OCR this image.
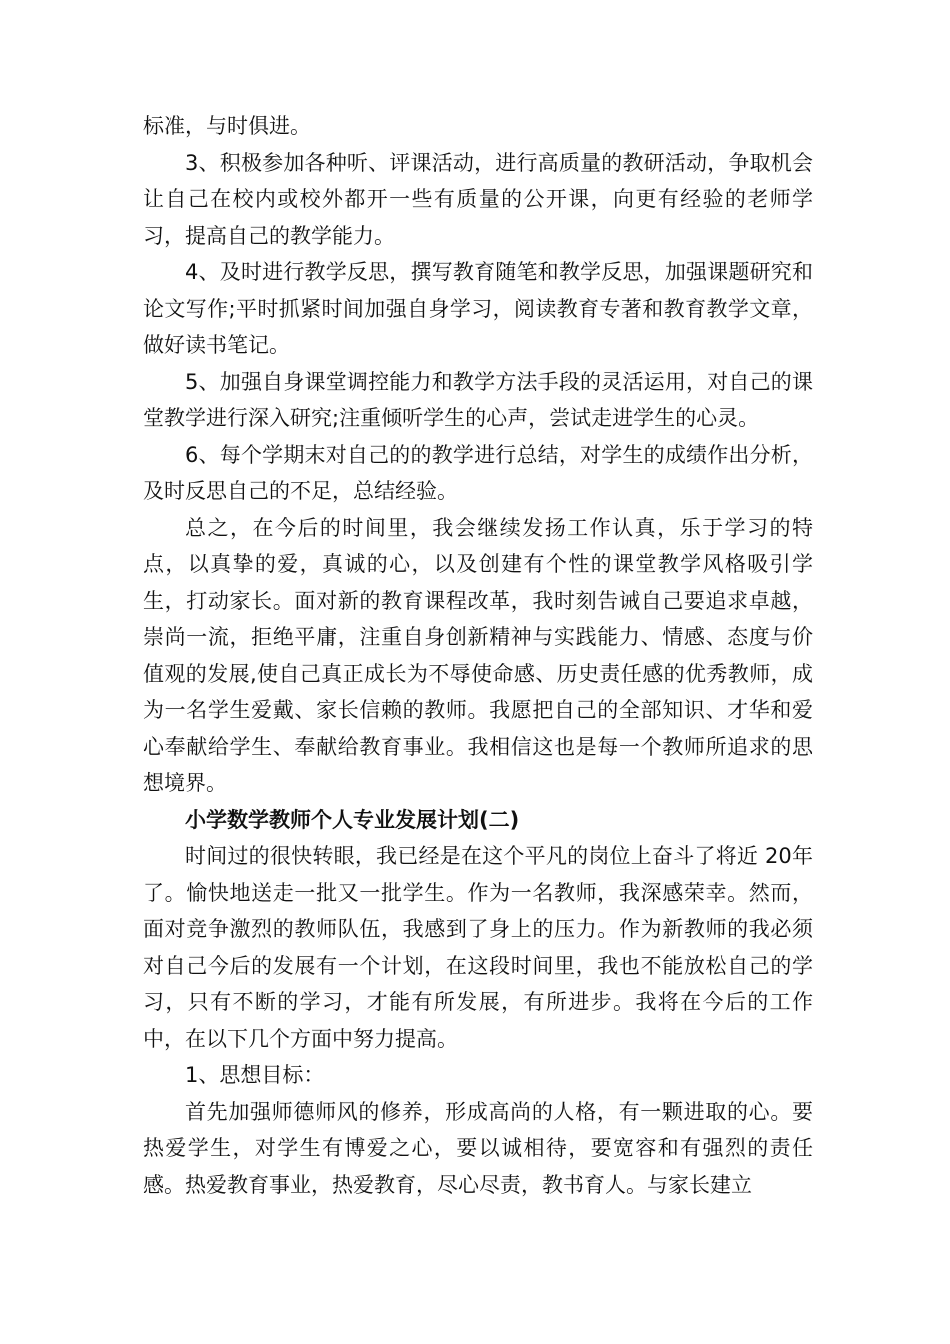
标准，与时俱进。

3、积极参加各种听、评课活动，进行高质量的教研活动，争取机会让自己在校内或校外都开一些有质量的公开课，向更有经验的老师学习，提高自己的教学能力。

4、及时进行教学反思，撰写教育随笔和教学反思，加强课题研究和论文写作;平时抓紧时间加强自身学习，阅读教育专著和教育教学文章，做好读书笔记。

5、加强自身课堂调控能力和教学方法手段的灵活运用，对自己的课堂教学进行深入研究;注重倾听学生的心声，尝试走进学生的心灵。

6、每个学期末对自己的的教学进行总结，对学生的成绩作出分析，及时反思自己的不足，总结经验。

总之，在今后的时间里，我会继续发扬工作认真，乐于学习的特点，以真挚的爱，真诚的心，以及创建有个性的课堂教学风格吸引学生，打动家长。面对新的教育课程改革，我时刻告诫自己要追求卓越，崇尚一流，拒绝平庸，注重自身创新精神与实践能力、情感、态度与价值观的发展,使自己真正成长为不辱使命感、历史责任感的优秀教师，成为一名学生爱戴、家长信赖的教师。我愿把自己的全部知识、才华和爱心奉献给学生、奉献给教育事业。我相信这也是每一个教师所追求的思想境界。

小学数学教师个人专业发展计划(二)

时间过的很快转眼，我已经是在这个平凡的岗位上奋斗了将近 20年了。愉快地送走一批又一批学生。作为一名教师，我深感荣幸。然而，面对竞争激烈的教师队伍，我感到了身上的压力。作为新教师的我必须对自己今后的发展有一个计划，在这段时间里，我也不能放松自己的学习，只有不断的学习，才能有所发展，有所进步。我将在今后的工作中，在以下几个方面中努力提高。

1、思想目标：

首先加强师德师风的修养，形成高尚的人格，有一颗进取的心。要热爱学生，对学生有博爱之心，要以诚相待，要宽容和有强烈的责任感。热爱教育事业，热爱教育，尽心尽责，教书育人。与家长建立
